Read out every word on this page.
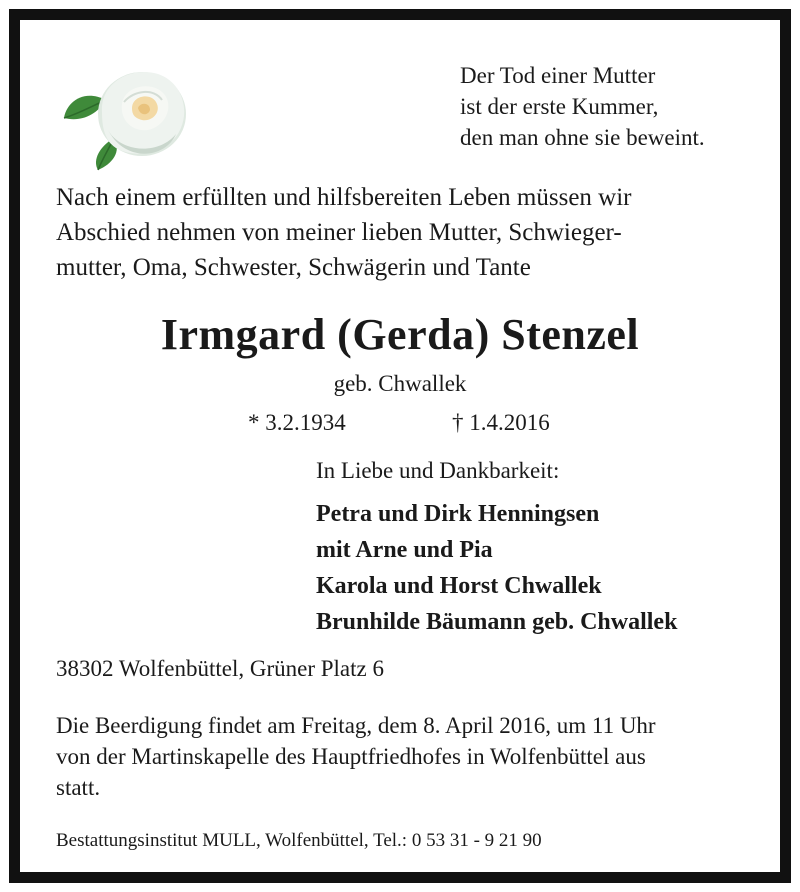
Der Tod einer Mutter
ist der erste Kummer,
den man ohne sie beweint.
Nach einem erfüllten und hilfsbereiten Leben müssen wir
Abschied nehmen von meiner lieben Mutter, Schwieger-
mutter, Oma, Schwester, Schwägerin und Tante
Irmgard (Gerda) Stenzel
geb. Chwallek
* 3.2.1934	† 1.4.2016
In Liebe und Dankbarkeit:
Petra und Dirk Henningsen
mit Arne und Pia
Karola und Horst Chwallek
Brunhilde Bäumann geb. Chwallek
38302 Wolfenbüttel, Grüner Platz 6
Die Beerdigung findet am Freitag, dem 8. April 2016, um 11 Uhr
von der Martinskapelle des Hauptfriedhofes in Wolfenbüttel aus
statt.
Bestattungsinstitut MULL, Wolfenbüttel, Tel.: 0 53 31 - 9 21 90
